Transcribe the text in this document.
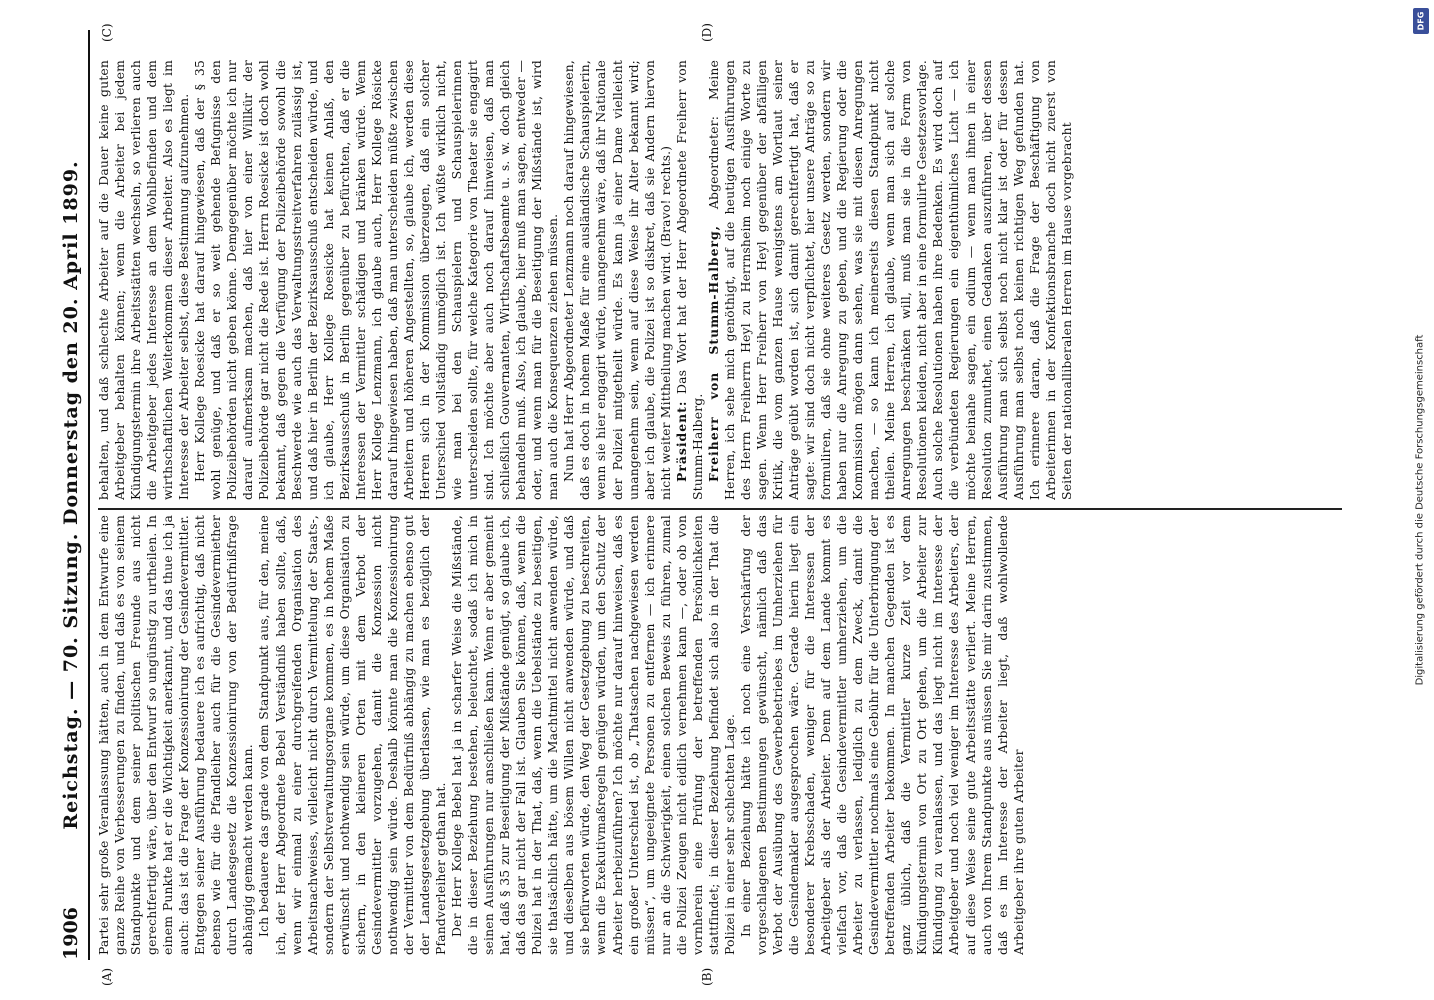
1906
Reichstag. — 70. Sitzung. Donnerstag den 20. April 1899.
(A)	(B)
(C)	(D)

Partei sehr große Veranlassung hätten, auch in dem Entwurfe eine ganze Reihe von Verbesserungen zu finden, und daß es von seinem Standpunkte und dem seiner politischen Freunde aus nicht gerechtfertigt wäre, über den Entwurf so ungünstig zu urtheilen. In einem Punkte hat er die Wichtigkeit anerkannt, und das thue ich ja auch: das ist die Frage der Konzessionirung der Gesindevermittler. Entgegen seiner Ausführung bedauere ich es aufrichtig, daß nicht ebenso wie für die Pfandleiher auch für die Gesindevermiether durch Landesgesetz die Konzessionirung von der Bedürfnißfrage abhängig gemacht werden kann. Ich bedauere das grade von dem Standpunkt aus, für den, meine ich, der Herr Abgeordnete Bebel Verständniß haben sollte, daß, wenn wir einmal zu einer durchgreifenden Organisation des Arbeitsnachweises, vielleicht nicht durch Vermittelung der Staats-, sondern der Selbstverwaltungsorgane kommen, es in hohem Maße erwünscht und nothwendig sein würde, um diese Organisation zu sichern, in den kleineren Orten mit dem Verbot der Gesindevermittler vorzugehen, damit die Konzession nicht nothwendig sein würde. Deshalb könnte man die Konzessionirung der Vermittler von dem Bedürfniß abhängig zu machen ebenso gut der Landesgesetzgebung überlassen, wie man es bezüglich der Pfandverleiher gethan hat. Der Herr Kollege Bebel hat ja in scharfer Weise die Mißstände, die in dieser Beziehung bestehen, beleuchtet, sodaß ich mich in seinen Ausführungen nur anschließen kann. Wenn er aber gemeint hat, daß § 35 zur Beseitigung der Mißstände genügt, so glaube ich, daß das gar nicht der Fall ist. Glauben Sie können, daß, wenn die Polizei hat in der That, daß, wenn die Uebelstände zu beseitigen, sie thatsächlich hätte, um die Machtmittel nicht anwenden würde, und dieselben aus bösem Willen nicht anwenden würde, und daß sie befürworten würde, den Weg der Gesetzgebung zu beschreiten, wenn die Exekutivmaßregeln genügen würden, um den Schutz der Arbeiter herbeizuführen? Ich möchte nur darauf hinweisen, daß es ein großer Unterschied ist, ob „Thatsachen nachgewiesen werden müssen“, um ungeeignete Personen zu entfernen — ich erinnere nur an die Schwierigkeit, einen solchen Beweis zu führen, zumal die Polizei Zeugen nicht eidlich vernehmen kann —, oder ob von vornherein eine Prüfung der betreffenden Persönlichkeiten stattfindet; in dieser Beziehung befindet sich also in der That die Polizei in einer sehr schlechten Lage. In einer Beziehung hätte ich noch eine Verschärfung der vorgeschlagenen Bestimmungen gewünscht, nämlich daß das Verbot der Ausübung des Gewerbebetriebes im Umherziehen für die Gesindemakler ausgesprochen wäre. Gerade hierin liegt ein besonderer Krebsschaden, weniger für die Interessen der Arbeitgeber als der Arbeiter. Denn auf dem Lande kommt es vielfach vor, daß die Gesindevermittler umherziehen, um die Arbeiter zu verlassen, lediglich zu dem Zweck, damit die Gesindevermittler nochmals eine Gebühr für die Unterbringung der betreffenden Arbeiter bekommen. In manchen Gegenden ist es ganz üblich, daß die Vermittler kurze Zeit vor dem Kündigungstermin von Ort zu Ort gehen, um die Arbeiter zur Kündigung zu veranlassen, und das liegt nicht im Interesse der Arbeitgeber und noch viel weniger im Interesse des Arbeiters, der auf diese Weise seine gute Arbeitsstätte verliert. Meine Herren, auch von Ihrem Standpunkte aus müssen Sie mir darin zustimmen, daß es im Interesse der Arbeiter liegt, daß wohlwollende Arbeitgeber ihre guten Arbeiter

behalten, und daß schlechte Arbeiter auf die Dauer keine guten Arbeitgeber behalten können; wenn die Arbeiter bei jedem Kündigungstermin ihre Arbeitsstätten wechseln, so verlieren auch die Arbeitgeber jedes Interesse an dem Wohlbefinden und dem wirthschaftlichen Weiterkommen dieser Arbeiter. Also es liegt im Interesse der Arbeiter selbst, diese Bestimmung aufzunehmen. Herr Kollege Roesicke hat darauf hingewiesen, daß der § 35 wohl genüge, und daß er so weit gehende Befugnisse den Polizeibehörden nicht geben könne. Demgegenüber möchte ich nur darauf aufmerksam machen, daß hier von einer Willkür der Polizeibehörde gar nicht die Rede ist. Herrn Roesicke ist doch wohl bekannt, daß gegen die Verfügung der Polizeibehörde sowohl die Beschwerde wie auch das Verwaltungsstreitverfahren zulässig ist, und daß hier in Berlin der Bezirksausschuß entscheiden würde, und ich glaube, Herr Kollege Roesicke hat keinen Anlaß, den Bezirksausschuß in Berlin gegenüber zu befürchten, daß er die Interessen der Vermittler schädigen und kränken würde. Wenn Herr Kollege Lenzmann, ich glaube auch, Herr Kollege Rösicke darauf hingewiesen haben, daß man unterscheiden müßte zwischen Arbeitern und höheren Angestellten, so, glaube ich, werden diese Herren sich in der Kommission überzeugen, daß ein solcher Unterschied vollständig unmöglich ist. Ich wüßte wirklich nicht, wie man bei den Schauspielern und Schauspielerinnen unterscheiden sollte, für welche Kategorie von Theater sie engagirt sind. Ich möchte aber auch noch darauf hinweisen, daß man schließlich Gouvernanten, Wirthschaftsbeamte u. s. w. doch gleich behandeln muß. Also, ich glaube, hier muß man sagen, entweder — oder, und wenn man für die Beseitigung der Mißstände ist, wird man auch die Konsequenzen ziehen müssen. Nun hat Herr Abgeordneter Lenzmann noch darauf hingewiesen, daß es doch in hohem Maße für eine ausländische Schauspielerin, wenn sie hier engagirt würde, unangenehm wäre, daß ihr Nationale der Polizei mitgetheilt würde. Es kann ja einer Dame vielleicht unangenehm sein, wenn auf diese Weise ihr Alter bekannt wird; aber ich glaube, die Polizei ist so diskret, daß sie Andern hiervon nicht weiter Mittheilung machen wird. (Bravo! rechts.) Präsident: Das Wort hat der Herr Abgeordnete Freiherr von Stumm-Halberg. Freiherr von Stumm-Halberg, Abgeordneter: Meine Herren, ich sehe mich genöthigt, auf die heutigen Ausführungen des Herrn Freiherrn Heyl zu Herrnsheim noch einige Worte zu sagen. Wenn Herr Freiherr von Heyl gegenüber der abfälligen Kritik, die vom ganzen Hause wenigstens am Wortlaut seiner Anträge geübt worden ist, sich damit gerechtfertigt hat, daß er sagte: wir sind doch nicht verpflichtet, hier unsere Anträge so zu formuliren, daß sie ohne weiteres Gesetz werden, sondern wir haben nur die Anregung zu geben, und die Regierung oder die Kommission mögen dann sehen, was sie mit diesen Anregungen machen, — so kann ich meinerseits diesen Standpunkt nicht theilen. Meine Herren, ich glaube, wenn man sich auf solche Anregungen beschränken will, muß man sie in die Form von Resolutionen kleiden, nicht aber in eine formulirte Gesetzesvorlage. Auch solche Resolutionen haben ihre Bedenken. Es wird doch auf die verbündeten Regierungen ein eigenthümliches Licht — ich möchte beinahe sagen, ein odium — wenn man ihnen in einer Resolution zumuthet, einen Gedanken auszuführen, über dessen Ausführung man sich selbst noch nicht klar ist oder für dessen Ausführung man selbst noch keinen richtigen Weg gefunden hat. Ich erinnere daran, daß die Frage der Beschäftigung von Arbeiterinnen in der Konfektionsbranche doch nicht zuerst von Seiten der nationalliberalen Herren im Hause vorgebracht

DFG
Digitalisierung gefördert durch die Deutsche Forschungsgemeinschaft
